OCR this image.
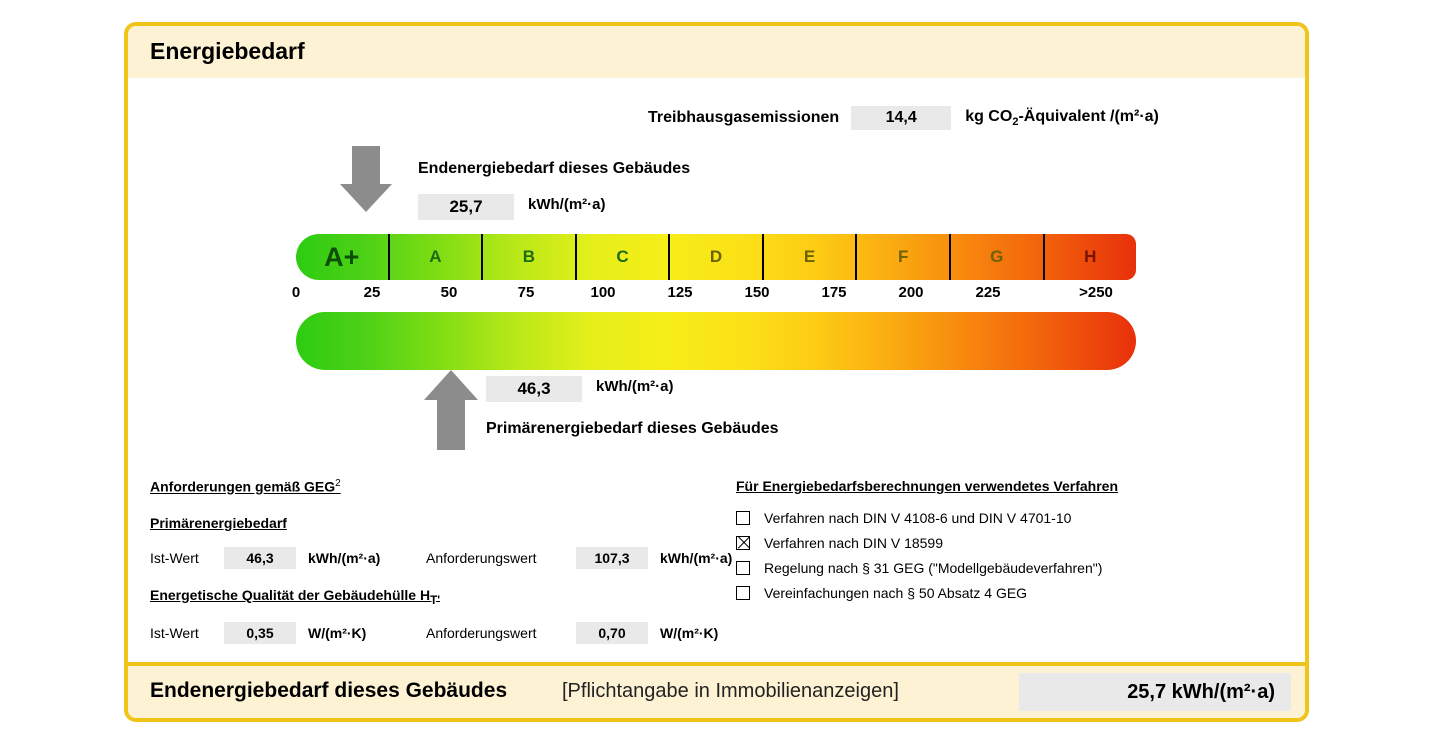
Energiebedarf
Treibhausgasemissionen	14,4	kg $CO_2$-Äquivalent /(m²·a)
Endenergiebedarf dieses Gebäudes
25,7	kWh/(m²·a)
A+	A	B	C	D	E	F	G	H
0	25	50	75	100	125	150	175	200	225	>250
46,3	kWh/(m²·a)
Primärenergiebedarf dieses Gebäudes
Anforderungen gemäß GEG$^2$
Primärenergiebedarf
Ist-Wert	46,3	kWh/(m²·a)	Anforderungswert	107,3	kWh/(m²·a)
Energetische Qualität der Gebäudehülle $H_{T'}$
Ist-Wert	0,35	W/(m²·K)	Anforderungswert	0,70	W/(m²·K)
Für Energiebedarfsberechnungen verwendetes Verfahren
Verfahren nach DIN V 4108-6 und DIN V 4701-10
Verfahren nach DIN V 18599
Regelung nach § 31 GEG ("Modellgebäudeverfahren")
Vereinfachungen nach § 50 Absatz 4 GEG
Endenergiebedarf dieses Gebäudes	[Pflichtangabe in Immobilienanzeigen]	25,7 kWh/(m²·a)
